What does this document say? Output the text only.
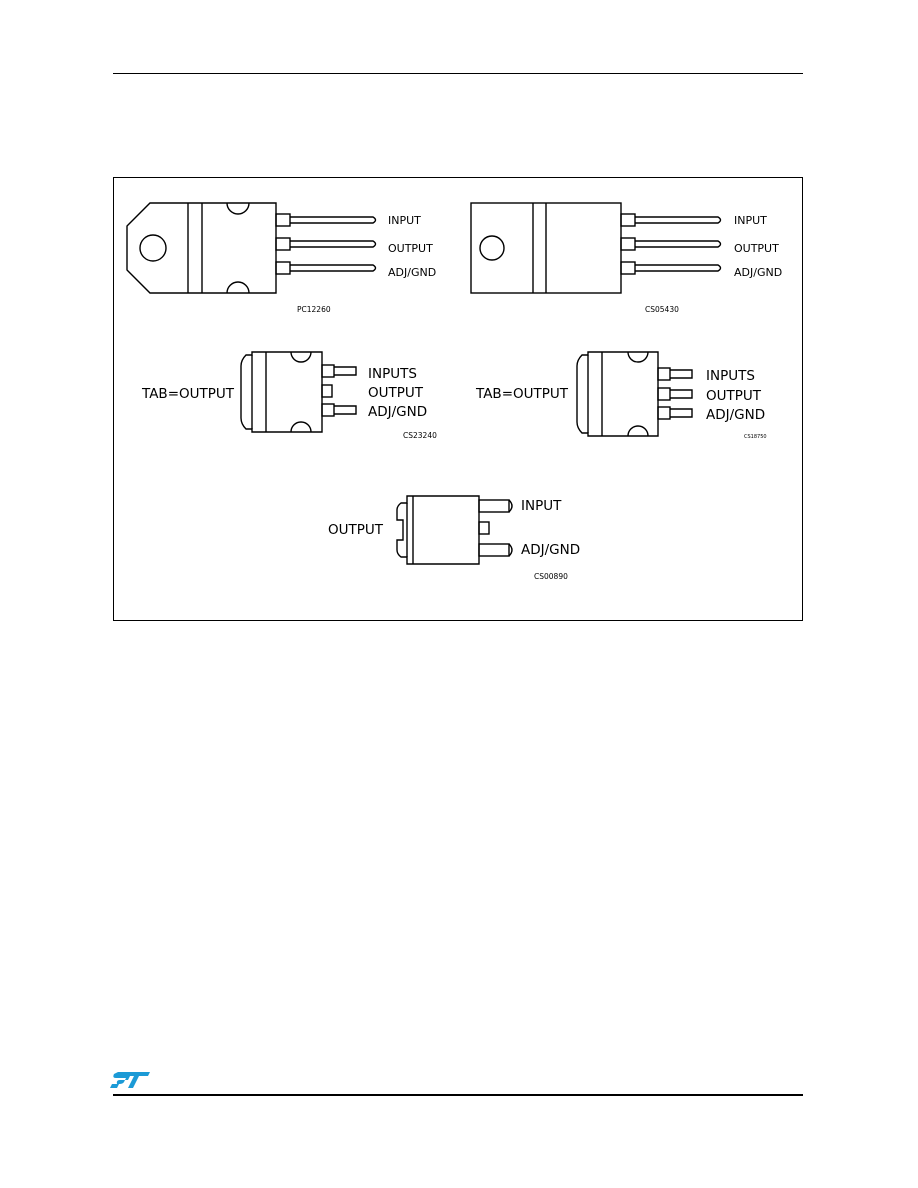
INPUT
OUTPUT
ADJ/GND
PC12260
INPUT
OUTPUT
ADJ/GND
CS05430
TAB=OUTPUT
INPUTS
OUTPUT
ADJ/GND
CS23240
TAB=OUTPUT
INPUTS
OUTPUT
ADJ/GND
CS18750
OUTPUT
INPUT
ADJ/GND
CS00890
